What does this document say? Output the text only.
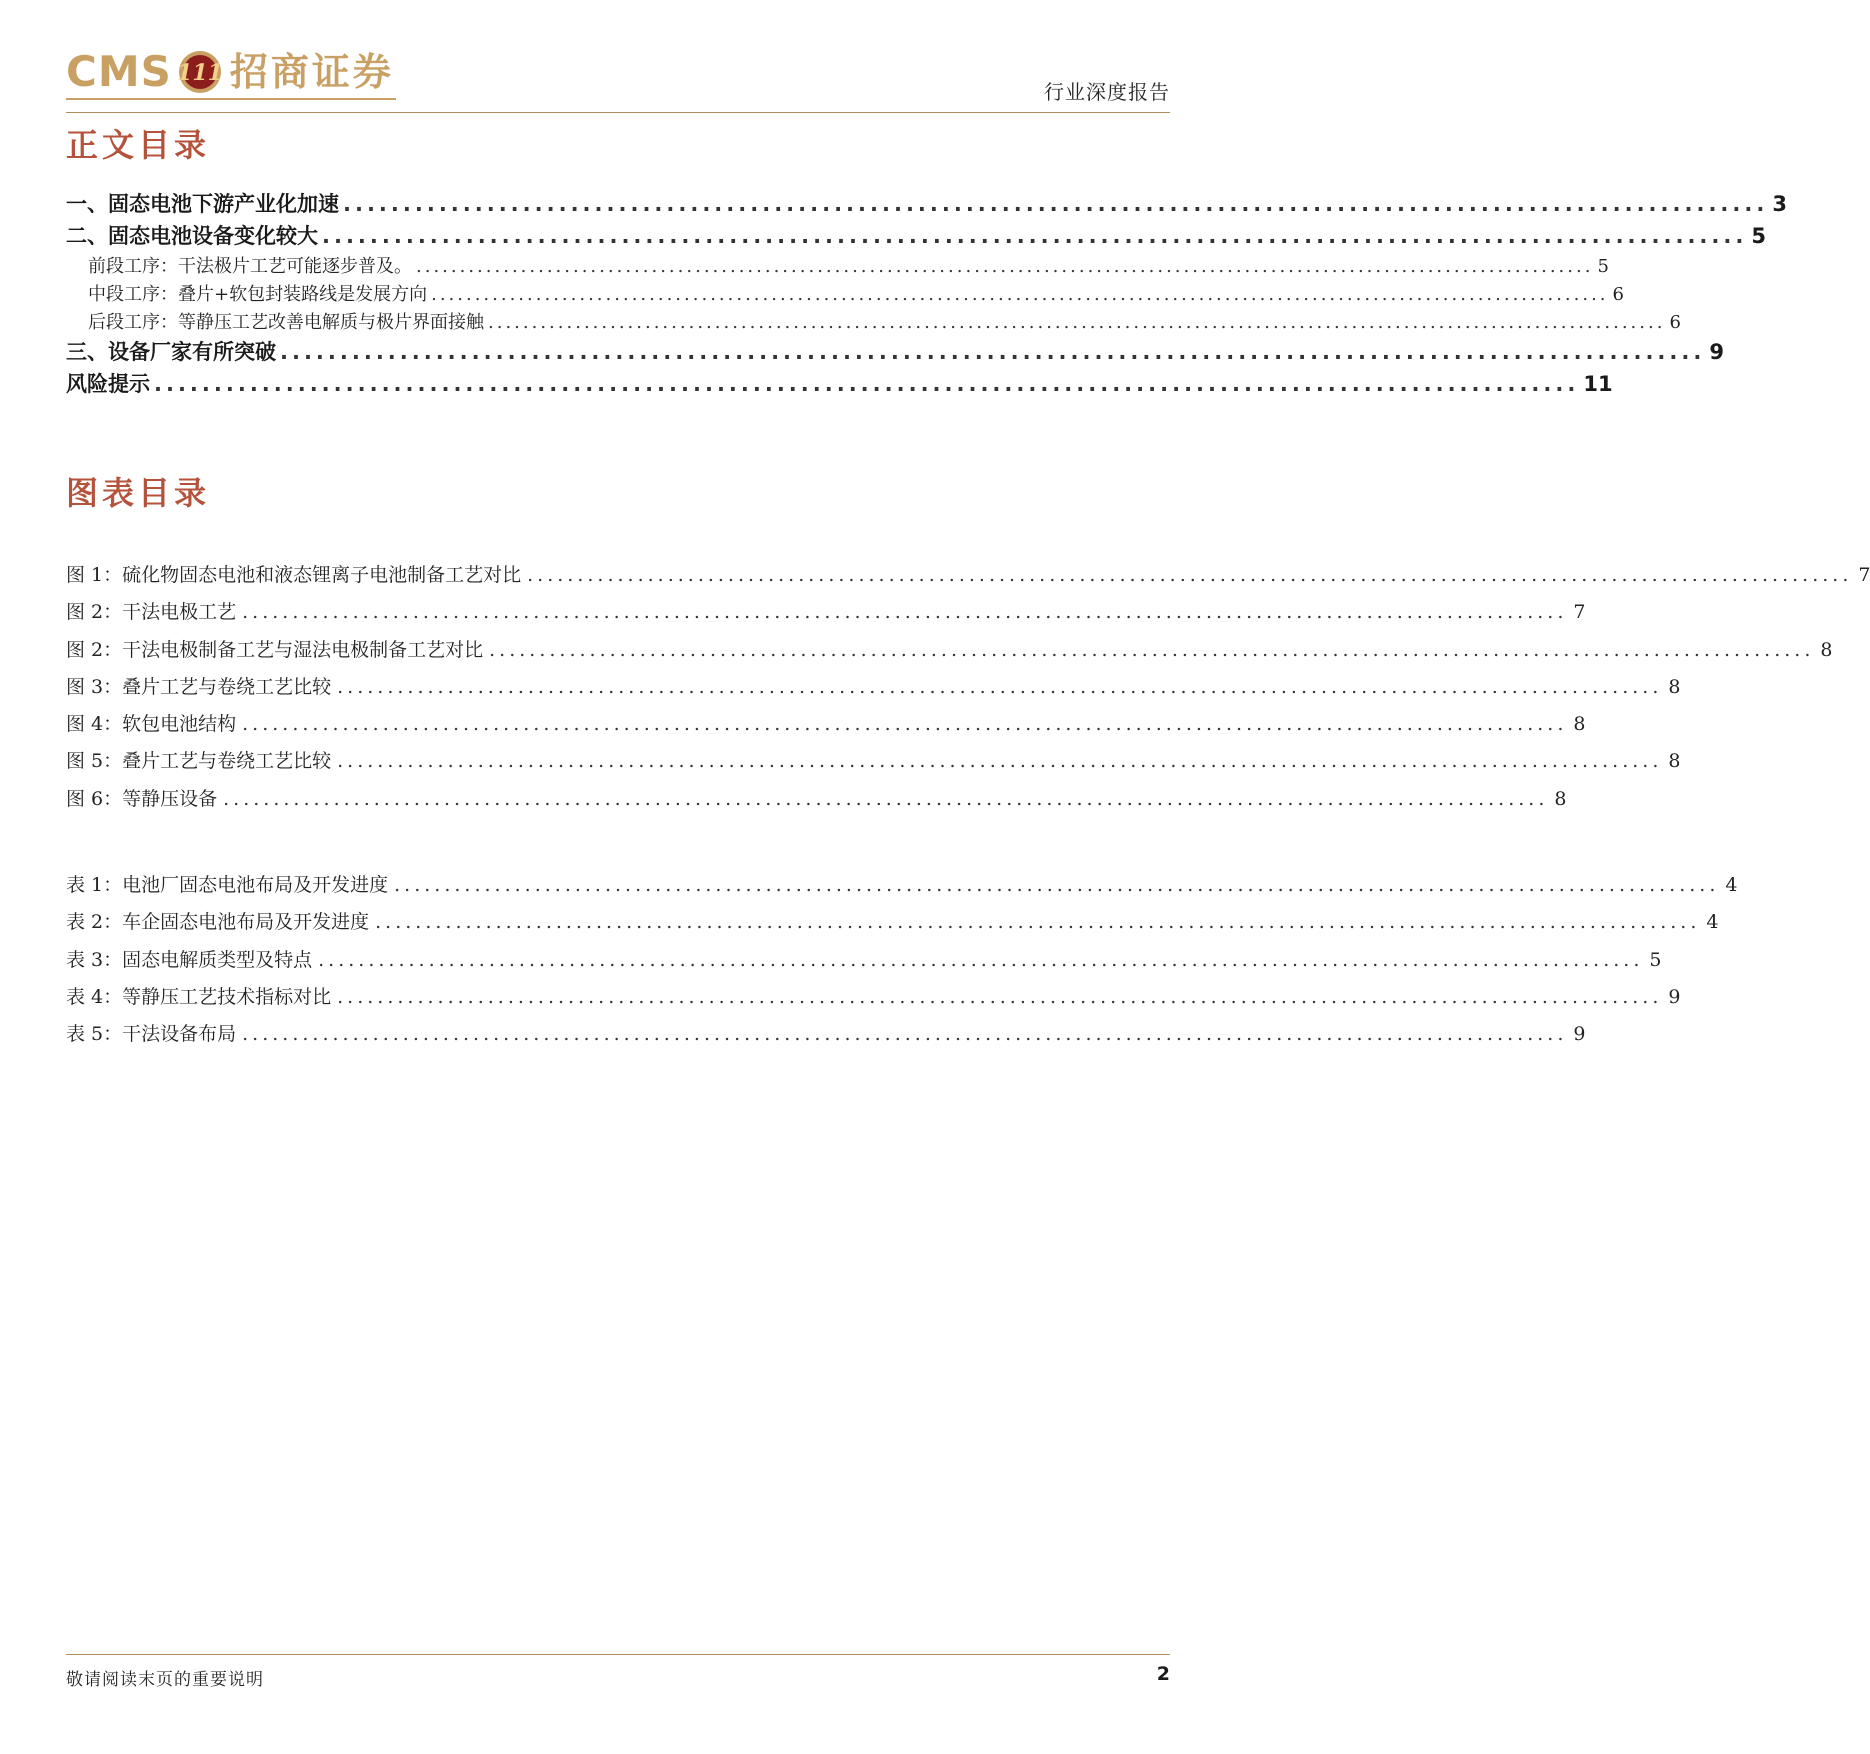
CMS 111 招商证券	行业深度报告
正文目录
一、固态电池下游产业化加速 ....................................................................................................................... 3
二、固态电池设备变化较大 ....................................................................................................................... 5
前段工序：干法极片工艺可能逐步普及。 ....................................................................................................................................... 5
中段工序：叠片+软包封装路线是发展方向 ....................................................................................................................................... 6
后段工序：等静压工艺改善电解质与极片界面接触 ....................................................................................................................................... 6
三、设备厂家有所突破 ....................................................................................................................... 9
风险提示 ....................................................................................................................... 11
图表目录
图 1：硫化物固态电池和液态锂离子电池制备工艺对比 .................................................................................................................................... 7
图 2：干法电极工艺 .................................................................................................................................... 7
图 2：干法电极制备工艺与湿法电极制备工艺对比 .................................................................................................................................... 8
图 3：叠片工艺与卷绕工艺比较 .................................................................................................................................... 8
图 4：软包电池结构 .................................................................................................................................... 8
图 5：叠片工艺与卷绕工艺比较 .................................................................................................................................... 8
图 6：等静压设备 .................................................................................................................................... 8
表 1：电池厂固态电池布局及开发进度 .................................................................................................................................... 4
表 2：车企固态电池布局及开发进度 .................................................................................................................................... 4
表 3：固态电解质类型及特点 .................................................................................................................................... 5
表 4：等静压工艺技术指标对比 .................................................................................................................................... 9
表 5：干法设备布局 .................................................................................................................................... 9
敬请阅读末页的重要说明	2
